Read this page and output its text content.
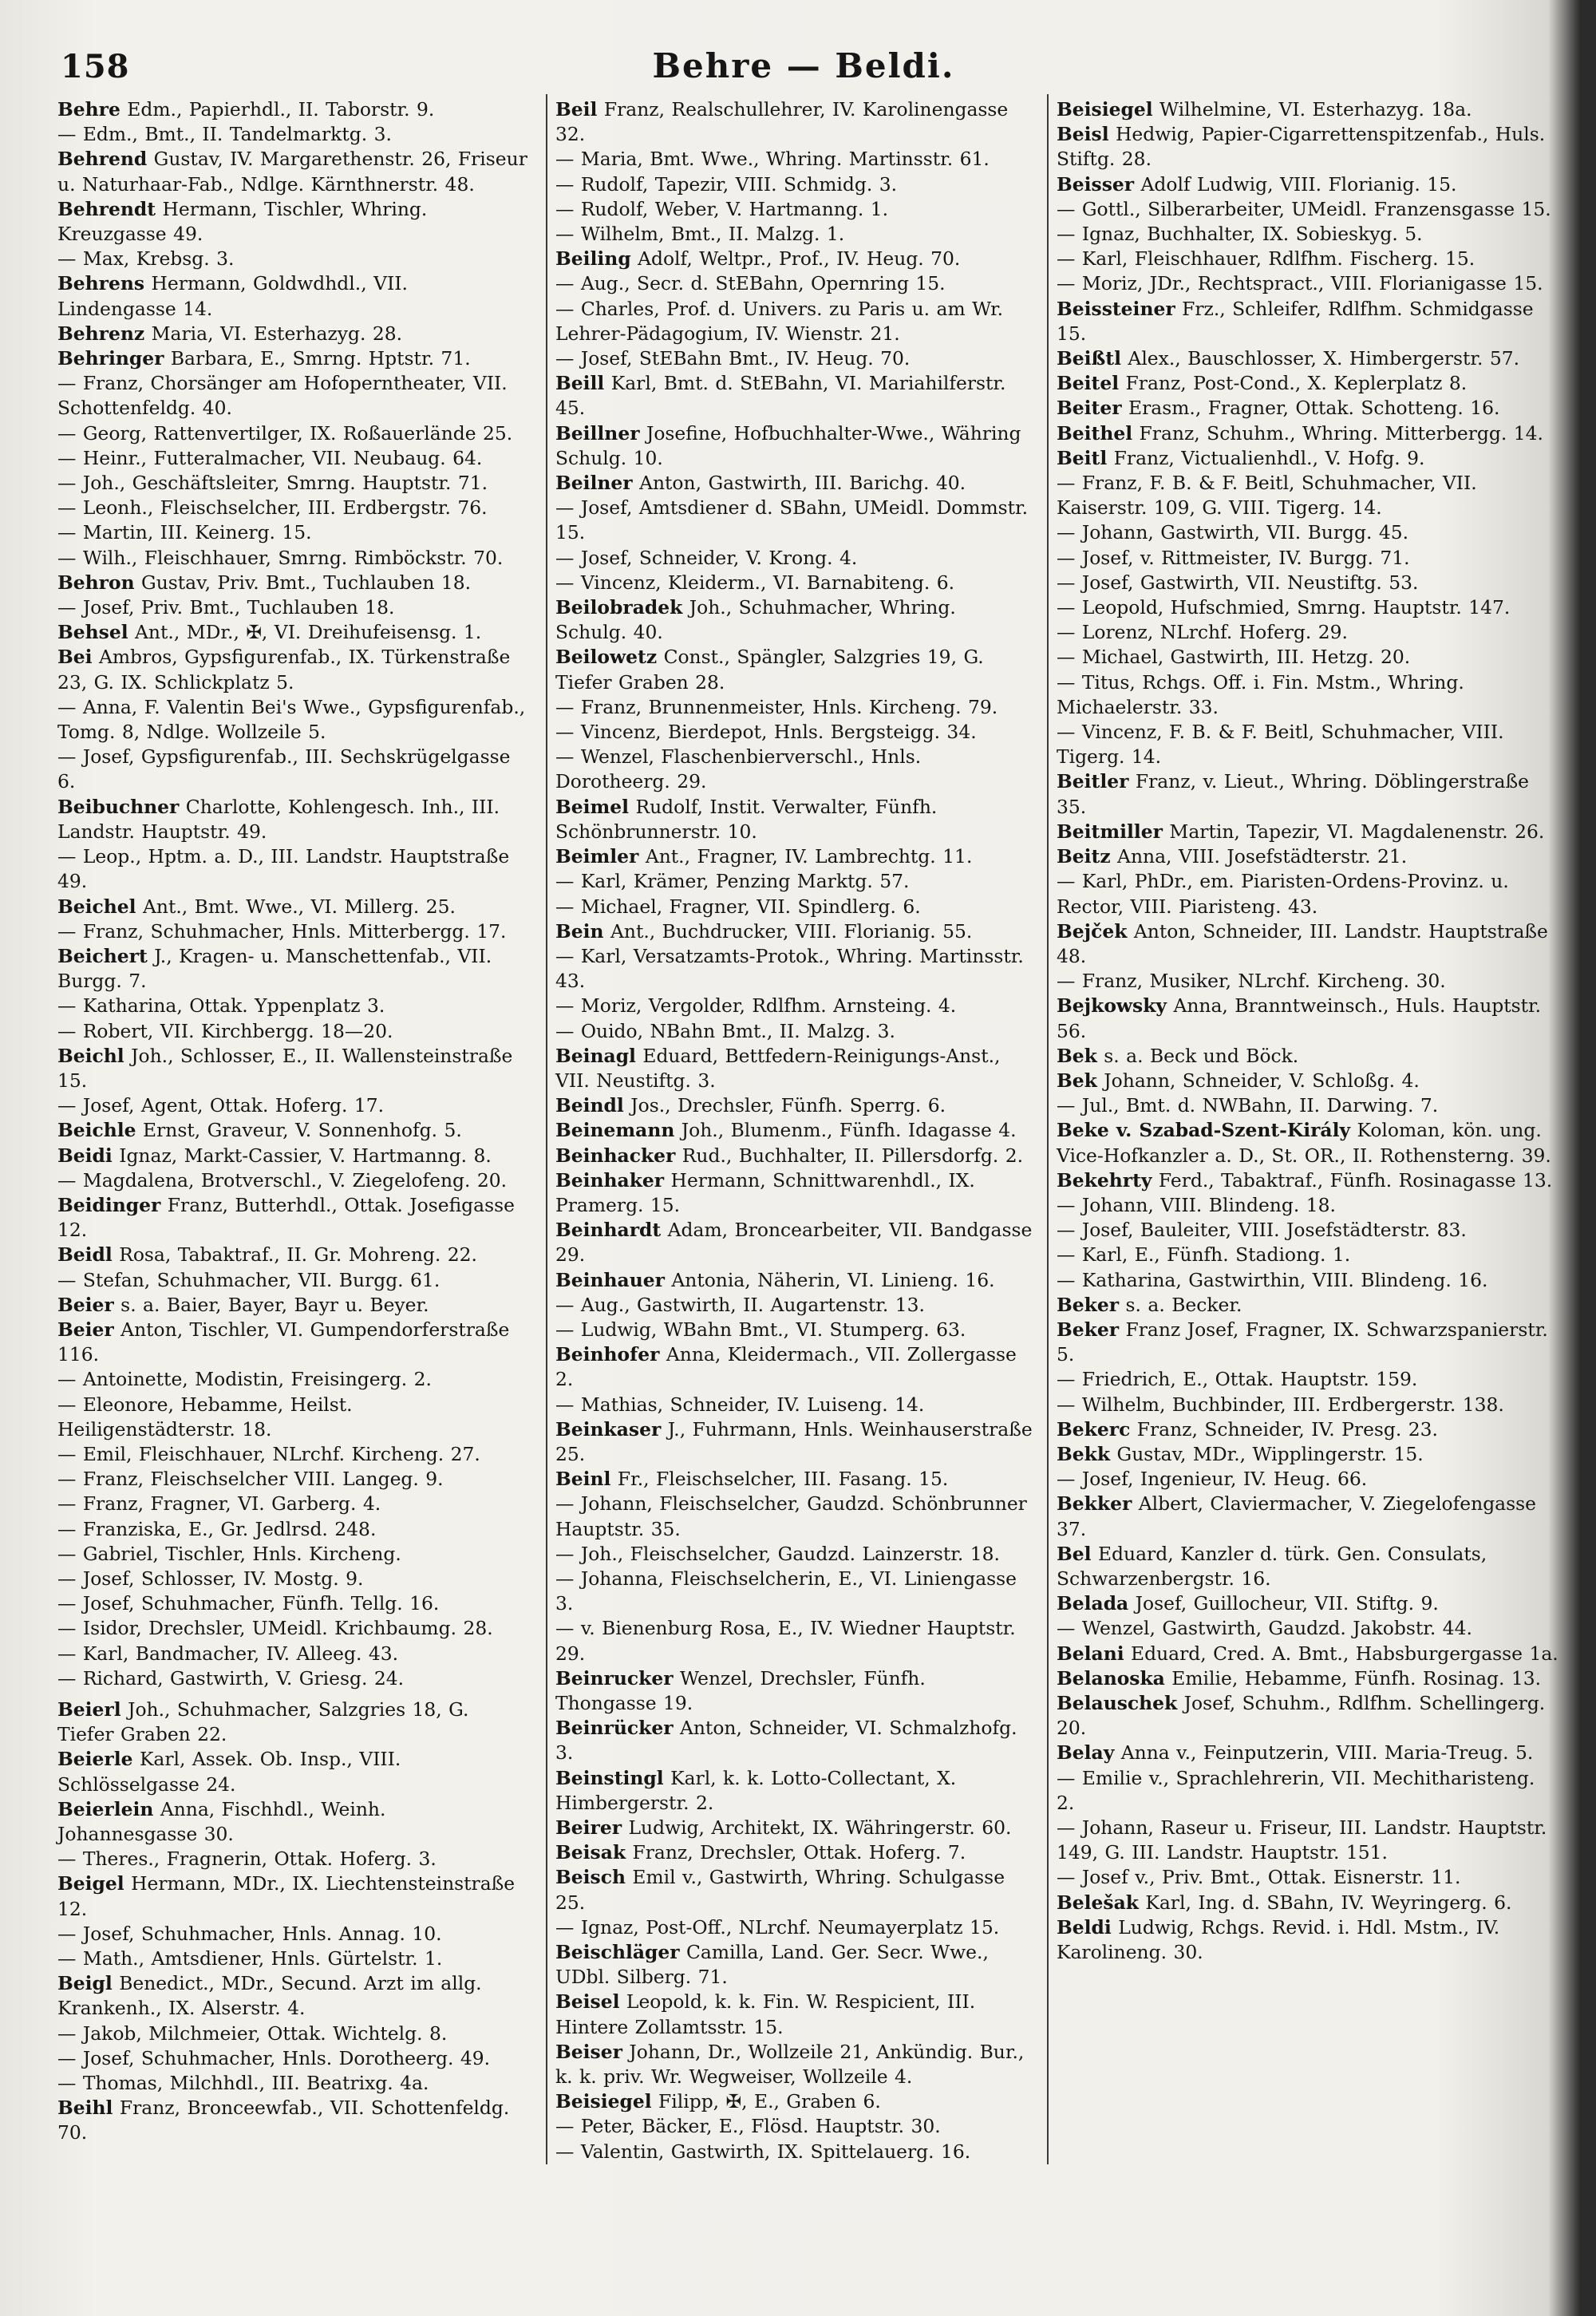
158	Behre — Beldi.
Behre Edm., Papierhdl., II. Taborstr. 9.
— Edm., Bmt., II. Tandelmarktg. 3.
Behrend Gustav, IV. Margarethenstr. 26, Friseur u. Naturhaar-Fab., Ndlge. Kärnthnerstr. 48.
Behrendt Hermann, Tischler, Whring. Kreuzgasse 49.
— Max, Krebsg. 3.
Behrens Hermann, Goldwdhdl., VII. Lindengasse 14.
Behrenz Maria, VI. Esterhazyg. 28.
Behringer Barbara, E., Smrng. Hptstr. 71.
— Franz, Chorsänger am Hofoperntheater, VII. Schottenfeldg. 40.
— Georg, Rattenvertilger, IX. Roßauerlände 25.
— Heinr., Futteralmacher, VII. Neubaug. 64.
— Joh., Geschäftsleiter, Smrng. Hauptstr. 71.
— Leonh., Fleischselcher, III. Erdbergstr. 76.
— Martin, III. Keinerg. 15.
— Wilh., Fleischhauer, Smrng. Rimböckstr. 70.
Behron Gustav, Priv. Bmt., Tuchlauben 18.
— Josef, Priv. Bmt., Tuchlauben 18.
Behsel Ant., MDr., ✠, VI. Dreihufeisensg. 1.
Bei Ambros, Gypsfigurenfab., IX. Türkenstraße 23, G. IX. Schlickplatz 5.
— Anna, F. Valentin Bei's Wwe., Gypsfigurenfab., Tomg. 8, Ndlge. Wollzeile 5.
— Josef, Gypsfigurenfab., III. Sechskrügelgasse 6.
Beibuchner Charlotte, Kohlengesch. Inh., III. Landstr. Hauptstr. 49.
— Leop., Hptm. a. D., III. Landstr. Hauptstraße 49.
Beichel Ant., Bmt. Wwe., VI. Millerg. 25.
— Franz, Schuhmacher, Hnls. Mitterbergg. 17.
Beichert J., Kragen- u. Manschettenfab., VII. Burgg. 7.
— Katharina, Ottak. Yppenplatz 3.
— Robert, VII. Kirchbergg. 18—20.
Beichl Joh., Schlosser, E., II. Wallensteinstraße 15.
— Josef, Agent, Ottak. Hoferg. 17.
Beichle Ernst, Graveur, V. Sonnenhofg. 5.
Beidi Ignaz, Markt-Cassier, V. Hartmanng. 8.
— Magdalena, Brotverschl., V. Ziegelofeng. 20.
Beidinger Franz, Butterhdl., Ottak. Josefigasse 12.
Beidl Rosa, Tabaktraf., II. Gr. Mohreng. 22.
— Stefan, Schuhmacher, VII. Burgg. 61.
Beier s. a. Baier, Bayer, Bayr u. Beyer.
Beier Anton, Tischler, VI. Gumpendorferstraße 116.
— Antoinette, Modistin, Freisingerg. 2.
— Eleonore, Hebamme, Heilst. Heiligenstädterstr. 18.
— Emil, Fleischhauer, NLrchf. Kircheng. 27.
— Franz, Fleischselcher VIII. Langeg. 9.
— Franz, Fragner, VI. Garberg. 4.
— Franziska, E., Gr. Jedlrsd. 248.
— Gabriel, Tischler, Hnls. Kircheng.
— Josef, Schlosser, IV. Mostg. 9.
— Josef, Schuhmacher, Fünfh. Tellg. 16.
— Isidor, Drechsler, UMeidl. Krichbaumg. 28.
— Karl, Bandmacher, IV. Alleeg. 43.
— Richard, Gastwirth, V. Griesg. 24.
Beierl Joh., Schuhmacher, Salzgries 18, G. Tiefer Graben 22.
Beierle Karl, Assek. Ob. Insp., VIII. Schlösselgasse 24.
Beierlein Anna, Fischhdl., Weinh. Johannesgasse 30.
— Theres., Fragnerin, Ottak. Hoferg. 3.
Beigel Hermann, MDr., IX. Liechtensteinstraße 12.
— Josef, Schuhmacher, Hnls. Annag. 10.
— Math., Amtsdiener, Hnls. Gürtelstr. 1.
Beigl Benedict., MDr., Secund. Arzt im allg. Krankenh., IX. Alserstr. 4.
— Jakob, Milchmeier, Ottak. Wichtelg. 8.
— Josef, Schuhmacher, Hnls. Dorotheerg. 49.
— Thomas, Milchhdl., III. Beatrixg. 4a.
Beihl Franz, Bronceewfab., VII. Schottenfeldg. 70.
Beil Franz, Realschullehrer, IV. Karolinengasse 32.
— Maria, Bmt. Wwe., Whring. Martinsstr. 61.
— Rudolf, Tapezir, VIII. Schmidg. 3.
— Rudolf, Weber, V. Hartmanng. 1.
— Wilhelm, Bmt., II. Malzg. 1.
Beiling Adolf, Weltpr., Prof., IV. Heug. 70.
— Aug., Secr. d. StEBahn, Opernring 15.
— Charles, Prof. d. Univers. zu Paris u. am Wr. Lehrer-Pädagogium, IV. Wienstr. 21.
— Josef, StEBahn Bmt., IV. Heug. 70.
Beill Karl, Bmt. d. StEBahn, VI. Mariahilferstr. 45.
Beillner Josefine, Hofbuchhalter-Wwe., Währing Schulg. 10.
Beilner Anton, Gastwirth, III. Barichg. 40.
— Josef, Amtsdiener d. SBahn, UMeidl. Dommstr. 15.
— Josef, Schneider, V. Krong. 4.
— Vincenz, Kleiderm., VI. Barnabiteng. 6.
Beilobradek Joh., Schuhmacher, Whring. Schulg. 40.
Beilowetz Const., Spängler, Salzgries 19, G. Tiefer Graben 28.
— Franz, Brunnenmeister, Hnls. Kircheng. 79.
— Vincenz, Bierdepot, Hnls. Bergsteigg. 34.
— Wenzel, Flaschenbierverschl., Hnls. Dorotheerg. 29.
Beimel Rudolf, Instit. Verwalter, Fünfh. Schönbrunnerstr. 10.
Beimler Ant., Fragner, IV. Lambrechtg. 11.
— Karl, Krämer, Penzing Marktg. 57.
— Michael, Fragner, VII. Spindlerg. 6.
Bein Ant., Buchdrucker, VIII. Florianig. 55.
— Karl, Versatzamts-Protok., Whring. Martinsstr. 43.
— Moriz, Vergolder, Rdlfhm. Arnsteing. 4.
— Ouido, NBahn Bmt., II. Malzg. 3.
Beinagl Eduard, Bettfedern-Reinigungs-Anst., VII. Neustiftg. 3.
Beindl Jos., Drechsler, Fünfh. Sperrg. 6.
Beinemann Joh., Blumenm., Fünfh. Idagasse 4.
Beinhacker Rud., Buchhalter, II. Pillersdorfg. 2.
Beinhaker Hermann, Schnittwarenhdl., IX. Pramerg. 15.
Beinhardt Adam, Broncearbeiter, VII. Bandgasse 29.
Beinhauer Antonia, Näherin, VI. Linieng. 16.
— Aug., Gastwirth, II. Augartenstr. 13.
— Ludwig, WBahn Bmt., VI. Stumperg. 63.
Beinhofer Anna, Kleidermach., VII. Zollergasse 2.
— Mathias, Schneider, IV. Luiseng. 14.
Beinkaser J., Fuhrmann, Hnls. Weinhauserstraße 25.
Beinl Fr., Fleischselcher, III. Fasang. 15.
— Johann, Fleischselcher, Gaudzd. Schönbrunner Hauptstr. 35.
— Joh., Fleischselcher, Gaudzd. Lainzerstr. 18.
— Johanna, Fleischselcherin, E., VI. Liniengasse 3.
— v. Bienenburg Rosa, E., IV. Wiedner Hauptstr. 29.
Beinrucker Wenzel, Drechsler, Fünfh. Thongasse 19.
Beinrücker Anton, Schneider, VI. Schmalzhofg. 3.
Beinstingl Karl, k. k. Lotto-Collectant, X. Himbergerstr. 2.
Beirer Ludwig, Architekt, IX. Währingerstr. 60.
Beisak Franz, Drechsler, Ottak. Hoferg. 7.
Beisch Emil v., Gastwirth, Whring. Schulgasse 25.
— Ignaz, Post-Off., NLrchf. Neumayerplatz 15.
Beischläger Camilla, Land. Ger. Secr. Wwe., UDbl. Silberg. 71.
Beisel Leopold, k. k. Fin. W. Respicient, III. Hintere Zollamtsstr. 15.
Beiser Johann, Dr., Wollzeile 21, Ankündig. Bur., k. k. priv. Wr. Wegweiser, Wollzeile 4.
Beisiegel Filipp, ✠, E., Graben 6.
— Peter, Bäcker, E., Flösd. Hauptstr. 30.
— Valentin, Gastwirth, IX. Spittelauerg. 16.
Beisiegel Wilhelmine, VI. Esterhazyg. 18a.
Beisl Hedwig, Papier-Cigarrettenspitzenfab., Huls. Stiftg. 28.
Beisser Adolf Ludwig, VIII. Florianig. 15.
— Gottl., Silberarbeiter, UMeidl. Franzensgasse 15.
— Ignaz, Buchhalter, IX. Sobieskyg. 5.
— Karl, Fleischhauer, Rdlfhm. Fischerg. 15.
— Moriz, JDr., Rechtspract., VIII. Florianigasse 15.
Beissteiner Frz., Schleifer, Rdlfhm. Schmidgasse 15.
Beißtl Alex., Bauschlosser, X. Himbergerstr. 57.
Beitel Franz, Post-Cond., X. Keplerplatz 8.
Beiter Erasm., Fragner, Ottak. Schotteng. 16.
Beithel Franz, Schuhm., Whring. Mitterbergg. 14.
Beitl Franz, Victualienhdl., V. Hofg. 9.
— Franz, F. B. & F. Beitl, Schuhmacher, VII. Kaiserstr. 109, G. VIII. Tigerg. 14.
— Johann, Gastwirth, VII. Burgg. 45.
— Josef, v. Rittmeister, IV. Burgg. 71.
— Josef, Gastwirth, VII. Neustiftg. 53.
— Leopold, Hufschmied, Smrng. Hauptstr. 147.
— Lorenz, NLrchf. Hoferg. 29.
— Michael, Gastwirth, III. Hetzg. 20.
— Titus, Rchgs. Off. i. Fin. Mstm., Whring. Michaelerstr. 33.
— Vincenz, F. B. & F. Beitl, Schuhmacher, VIII. Tigerg. 14.
Beitler Franz, v. Lieut., Whring. Döblingerstraße 35.
Beitmiller Martin, Tapezir, VI. Magdalenenstr. 26.
Beitz Anna, VIII. Josefstädterstr. 21.
— Karl, PhDr., em. Piaristen-Ordens-Provinz. u. Rector, VIII. Piaristeng. 43.
Bejček Anton, Schneider, III. Landstr. Hauptstraße 48.
— Franz, Musiker, NLrchf. Kircheng. 30.
Bejkowsky Anna, Branntweinsch., Huls. Hauptstr. 56.
Bek s. a. Beck und Böck.
Bek Johann, Schneider, V. Schloßg. 4.
— Jul., Bmt. d. NWBahn, II. Darwing. 7.
Beke v. Szabad-Szent-Király Koloman, kön. ung. Vice-Hofkanzler a. D., St. OR., II. Rothensterng. 39.
Bekehrty Ferd., Tabaktraf., Fünfh. Rosinagasse 13.
— Johann, VIII. Blindeng. 18.
— Josef, Bauleiter, VIII. Josefstädterstr. 83.
— Karl, E., Fünfh. Stadiong. 1.
— Katharina, Gastwirthin, VIII. Blindeng. 16.
Beker s. a. Becker.
Beker Franz Josef, Fragner, IX. Schwarzspanierstr. 5.
— Friedrich, E., Ottak. Hauptstr. 159.
— Wilhelm, Buchbinder, III. Erdbergerstr. 138.
Bekerc Franz, Schneider, IV. Presg. 23.
Bekk Gustav, MDr., Wipplingerstr. 15.
— Josef, Ingenieur, IV. Heug. 66.
Bekker Albert, Claviermacher, V. Ziegelofengasse 37.
Bel Eduard, Kanzler d. türk. Gen. Consulats, Schwarzenbergstr. 16.
Belada Josef, Guillocheur, VII. Stiftg. 9.
— Wenzel, Gastwirth, Gaudzd. Jakobstr. 44.
Belani Eduard, Cred. A. Bmt., Habsburgergasse 1a.
Belanoska Emilie, Hebamme, Fünfh. Rosinag. 13.
Belauschek Josef, Schuhm., Rdlfhm. Schellingerg. 20.
Belay Anna v., Feinputzerin, VIII. Maria-Treug. 5.
— Emilie v., Sprachlehrerin, VII. Mechitharisteng. 2.
— Johann, Raseur u. Friseur, III. Landstr. Hauptstr. 149, G. III. Landstr. Hauptstr. 151.
— Josef v., Priv. Bmt., Ottak. Eisnerstr. 11.
Belešak Karl, Ing. d. SBahn, IV. Weyringerg. 6.
Beldi Ludwig, Rchgs. Revid. i. Hdl. Mstm., IV. Karolineng. 30.
